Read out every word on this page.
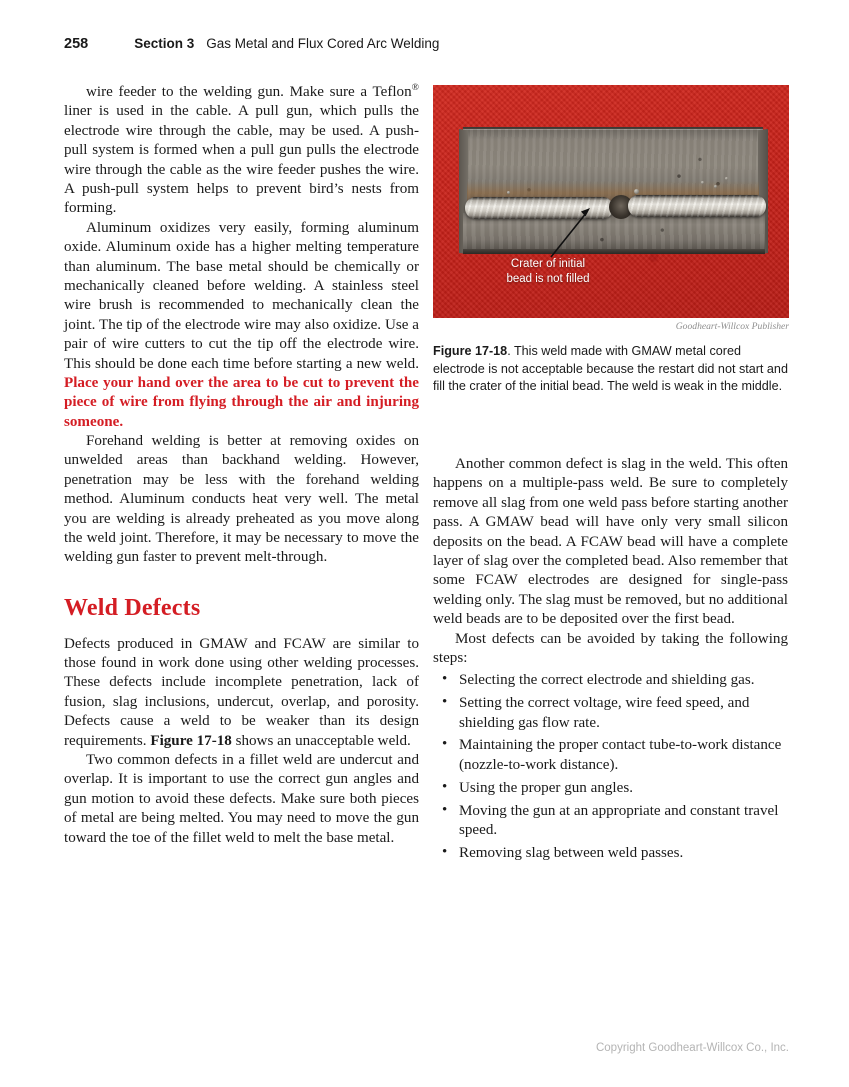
258	Section 3 Gas Metal and Flux Cored Arc Welding

wire feeder to the welding gun. Make sure a Teflon® liner is used in the cable. A pull gun, which pulls the electrode wire through the cable, may be used. A push-pull system is formed when a pull gun pulls the electrode wire through the cable as the wire feeder pushes the wire. A push-pull system helps to prevent bird’s nests from forming.

Aluminum oxidizes very easily, forming aluminum oxide. Aluminum oxide has a higher melting temperature than aluminum. The base metal should be chemically or mechanically cleaned before welding. A stainless steel wire brush is recommended to mechanically clean the joint. The tip of the electrode wire may also oxidize. Use a pair of wire cutters to cut the tip off the electrode wire. This should be done each time before starting a new weld. Place your hand over the area to be cut to prevent the piece of wire from flying through the air and injuring someone.

Forehand welding is better at removing oxides on unwelded areas than backhand welding. However, penetration may be less with the forehand welding method. Aluminum conducts heat very well. The metal you are welding is already preheated as you move along the weld joint. Therefore, it may be necessary to move the welding gun faster to prevent melt-through.

Weld Defects

Defects produced in GMAW and FCAW are similar to those found in work done using other welding processes. These defects include incomplete penetration, lack of fusion, slag inclusions, undercut, overlap, and porosity. Defects cause a weld to be weaker than its design requirements. Figure 17-18 shows an unacceptable weld.

Two common defects in a fillet weld are undercut and overlap. It is important to use the correct gun angles and gun motion to avoid these defects. Make sure both pieces of metal are being melted. You may need to move the gun toward the toe of the fillet weld to melt the base metal.

Crater of initial
bead is not filled
Goodheart-Willcox Publisher
Figure 17-18. This weld made with GMAW metal cored electrode is not acceptable because the restart did not start and fill the crater of the initial bead. The weld is weak in the middle.

Another common defect is slag in the weld. This often happens on a multiple-pass weld. Be sure to completely remove all slag from one weld pass before starting another pass. A GMAW bead will have only very small silicon deposits on the bead. A FCAW bead will have a complete layer of slag over the completed bead. Also remember that some FCAW electrodes are designed for single-pass welding only. The slag must be removed, but no additional weld beads are to be deposited over the first bead.

Most defects can be avoided by taking the following steps:

• Selecting the correct electrode and shielding gas.
• Setting the correct voltage, wire feed speed, and shielding gas flow rate.
• Maintaining the proper contact tube-to-work distance (nozzle-to-work distance).
• Using the proper gun angles.
• Moving the gun at an appropriate and constant travel speed.
• Removing slag between weld passes.
Copyright Goodheart-Willcox Co., Inc.
